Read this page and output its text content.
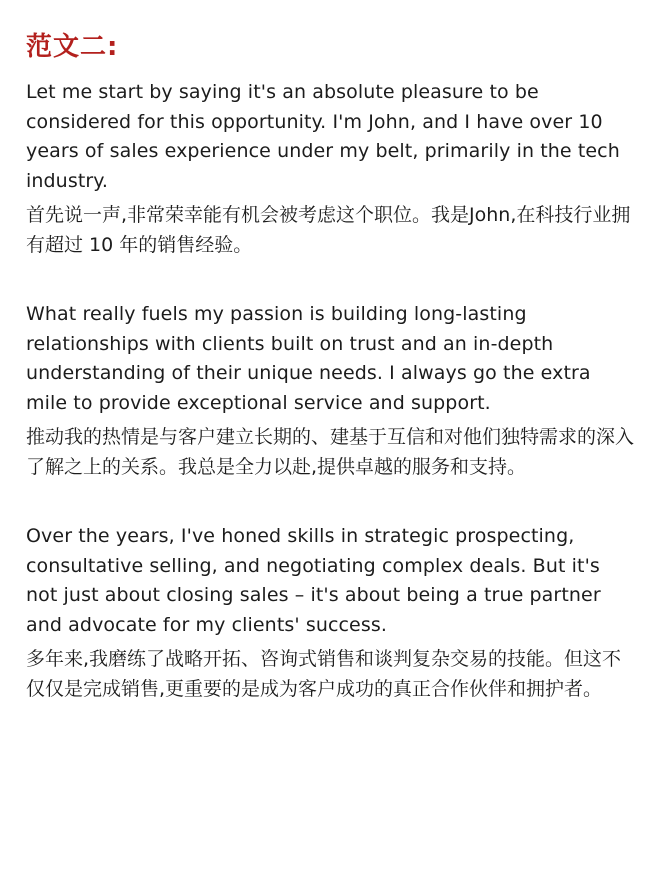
范文二:

Let me start by saying it's an absolute pleasure to be considered for this opportunity. I'm John, and I have over 10 years of sales experience under my belt, primarily in the tech industry.

首先说一声,非常荣幸能有机会被考虑这个职位。我是John,在科技行业拥有超过 10 年的销售经验。

What really fuels my passion is building long-lasting relationships with clients built on trust and an in-depth understanding of their unique needs. I always go the extra mile to provide exceptional service and support.

推动我的热情是与客户建立长期的、建基于互信和对他们独特需求的深入了解之上的关系。我总是全力以赴,提供卓越的服务和支持。

Over the years, I've honed skills in strategic prospecting, consultative selling, and negotiating complex deals. But it's not just about closing sales – it's about being a true partner and advocate for my clients' success.

多年来,我磨练了战略开拓、咨询式销售和谈判复杂交易的技能。但这不仅仅是完成销售,更重要的是成为客户成功的真正合作伙伴和拥护者。
